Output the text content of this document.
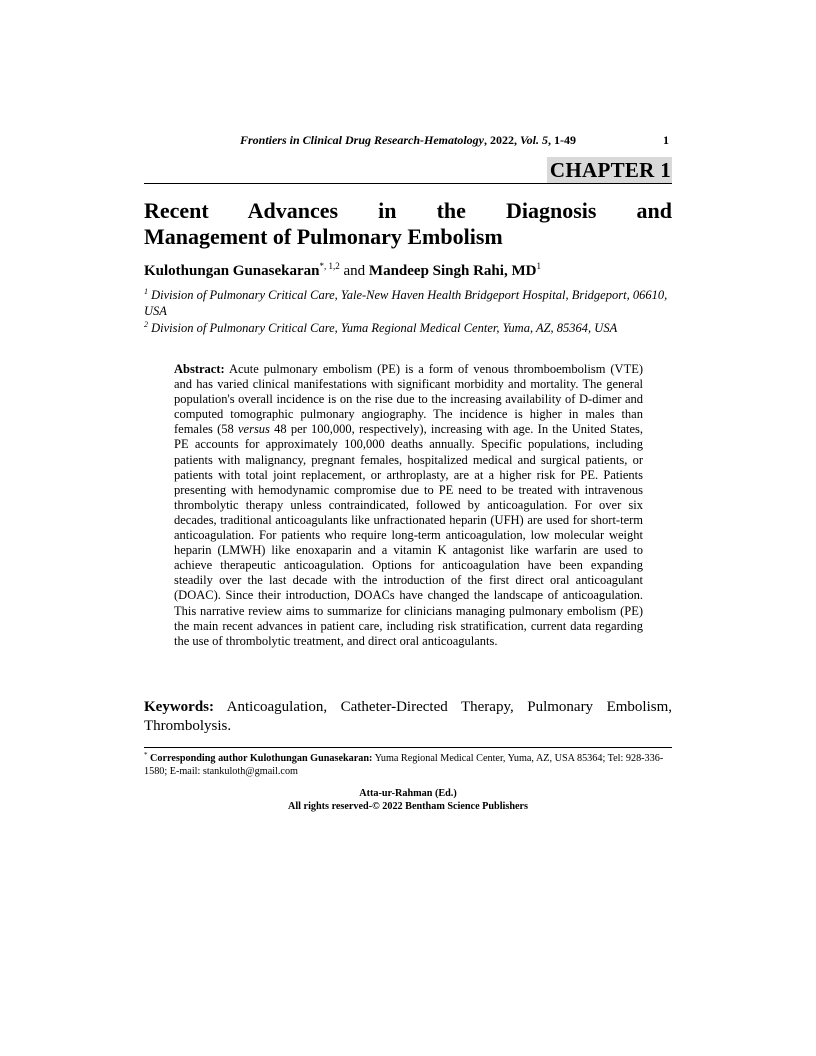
Frontiers in Clinical Drug Research-Hematology, 2022, Vol. 5, 1-49	1
CHAPTER 1
Recent Advances in the Diagnosis and
Management of Pulmonary Embolism
Kulothungan Gunasekaran$^{*, 1,2}$ and Mandeep Singh Rahi, $MD^1$
$^1$ Division of Pulmonary Critical Care, Yale-New Haven Health Bridgeport Hospital, Bridgeport, 06610, USA
$^2$ Division of Pulmonary Critical Care, Yuma Regional Medical Center, Yuma, AZ, 85364, USA

Abstract: Acute pulmonary embolism (PE) is a form of venous thromboembolism (VTE) and has varied clinical manifestations with significant morbidity and mortality. The general population's overall incidence is on the rise due to the increasing availability of D-dimer and computed tomographic pulmonary angiography. The incidence is higher in males than females (58 versus 48 per 100,000, respectively), increasing with age. In the United States, PE accounts for approximately 100,000 deaths annually. Specific populations, including patients with malignancy, pregnant females, hospitalized medical and surgical patients, or patients with total joint replacement, or arthroplasty, are at a higher risk for PE. Patients presenting with hemodynamic compromise due to PE need to be treated with intravenous thrombolytic therapy unless contraindicated, followed by anticoagulation. For over six decades, traditional anticoagulants like unfractionated heparin (UFH) are used for short-term anticoagulation. For patients who require long-term anticoagulation, low molecular weight heparin (LMWH) like enoxaparin and a vitamin K antagonist like warfarin are used to achieve therapeutic anticoagulation. Options for anticoagulation have been expanding steadily over the last decade with the introduction of the first direct oral anticoagulant (DOAC). Since their introduction, DOACs have changed the landscape of anticoagulation. This narrative review aims to summarize for clinicians managing pulmonary embolism (PE) the main recent advances in patient care, including risk stratification, current data regarding the use of thrombolytic treatment, and direct oral anticoagulants.

Keywords: Anticoagulation, Catheter-Directed Therapy, Pulmonary Embolism, Thrombolysis.

* Corresponding author Kulothungan Gunasekaran: Yuma Regional Medical Center, Yuma, AZ, USA 85364; Tel: 928-336-1580; E-mail: stankuloth@gmail.com

Atta-ur-Rahman (Ed.)
All rights reserved-© 2022 Bentham Science Publishers
